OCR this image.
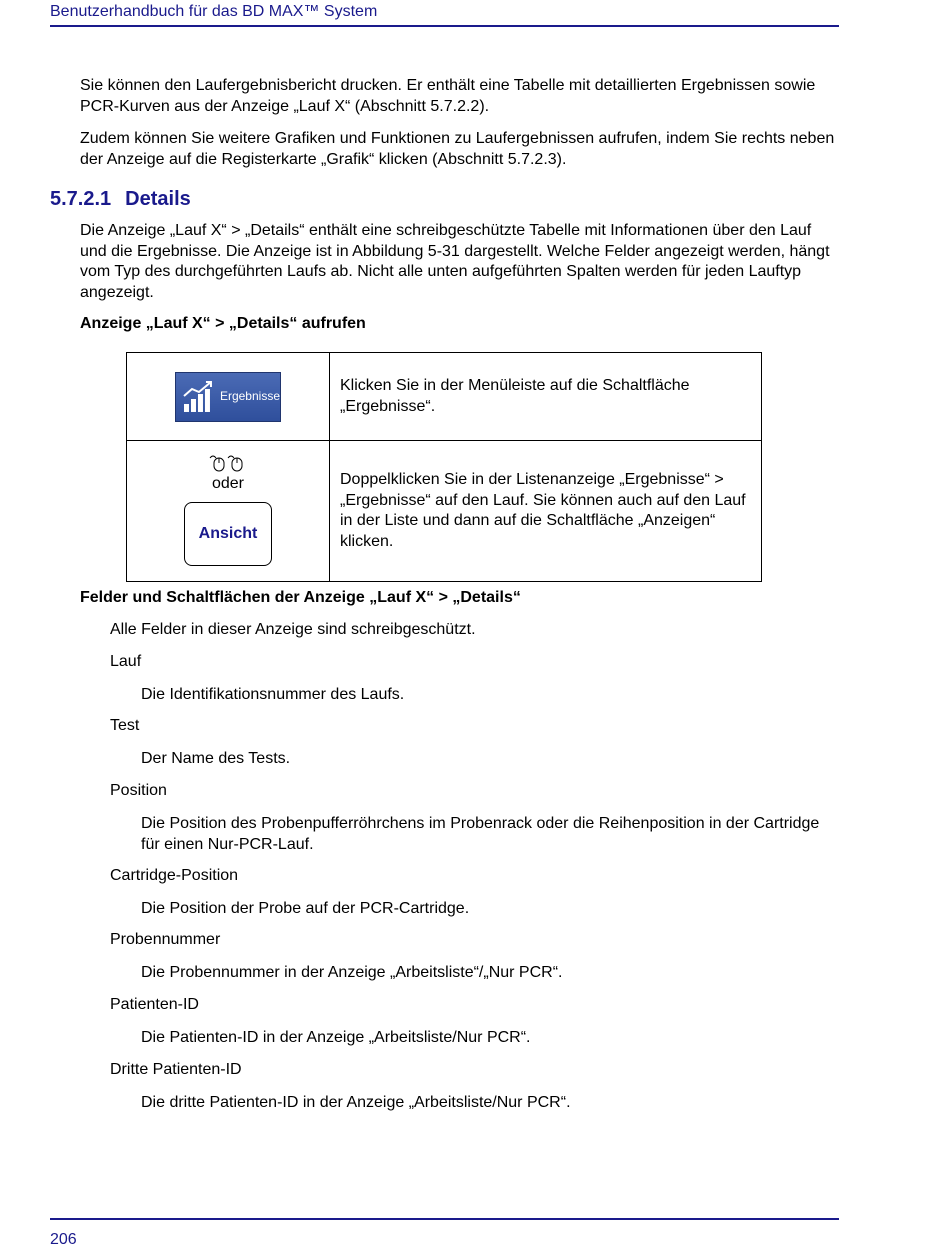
Benutzerhandbuch für das BD MAX™ System

Sie können den Laufergebnisbericht drucken. Er enthält eine Tabelle mit detaillierten Ergebnissen sowie PCR-Kurven aus der Anzeige „Lauf X“ (Abschnitt 5.7.2.2).

Zudem können Sie weitere Grafiken und Funktionen zu Laufergebnissen aufrufen, indem Sie rechts neben der Anzeige auf die Registerkarte „Grafik“ klicken (Abschnitt 5.7.2.3).

5.7.2.1 Details

Die Anzeige „Lauf X“ > „Details“ enthält eine schreibgeschützte Tabelle mit Informationen über den Lauf und die Ergebnisse. Die Anzeige ist in Abbildung 5-31 dargestellt. Welche Felder angezeigt werden, hängt vom Typ des durchgeführten Laufs ab. Nicht alle unten aufgeführten Spalten werden für jeden Lauftyp angezeigt.

Anzeige „Lauf X“ > „Details“ aufrufen
Ergebnisse	Klicken Sie in der Menüleiste auf die Schaltfläche „Ergebnisse“.

oder
Ansicht	Doppelklicken Sie in der Listenanzeige „Ergebnisse“ > „Ergebnisse“ auf den Lauf. Sie können auch auf den Lauf in der Liste und dann auf die Schaltfläche „Anzeigen“ klicken.
Felder und Schaltflächen der Anzeige „Lauf X“ > „Details“
Alle Felder in dieser Anzeige sind schreibgeschützt.
Lauf

Die Identifikationsnummer des Laufs.

Test

Der Name des Tests.

Position

Die Position des Probenpufferröhrchens im Probenrack oder die Reihenposition in der Cartridge für einen Nur-PCR-Lauf.

Cartridge-Position

Die Position der Probe auf der PCR-Cartridge.

Probennummer

Die Probennummer in der Anzeige „Arbeitsliste“/„Nur PCR“.

Patienten-ID

Die Patienten-ID in der Anzeige „Arbeitsliste/Nur PCR“.

Dritte Patienten-ID

Die dritte Patienten-ID in der Anzeige „Arbeitsliste/Nur PCR“.

206
